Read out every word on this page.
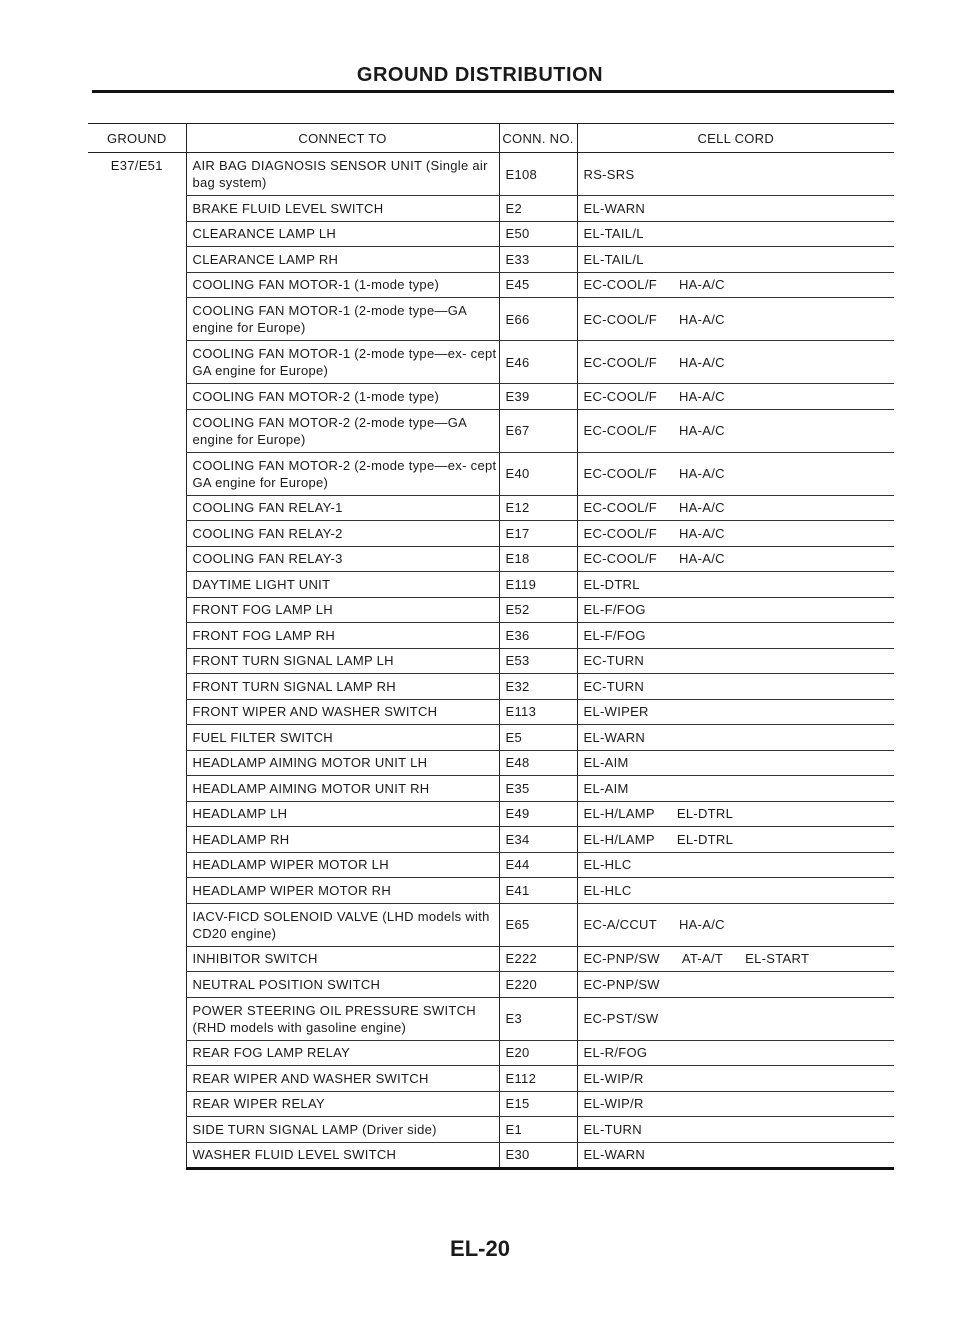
GROUND DISTRIBUTION
GROUND	CONNECT TO	CONN. NO.	CELL CORD
E37/E51	AIR BAG DIAGNOSIS SENSOR UNIT (Single air bag system)	E108	RS-SRS
	BRAKE FLUID LEVEL SWITCH	E2	EL-WARN
	CLEARANCE LAMP LH	E50	EL-TAIL/L
	CLEARANCE LAMP RH	E33	EL-TAIL/L
	COOLING FAN MOTOR-1 (1-mode type)	E45	EC-COOL/F HA-A/C
	COOLING FAN MOTOR-1 (2-mode type—GA engine for Europe)	E66	EC-COOL/F HA-A/C
	COOLING FAN MOTOR-1 (2-mode type—ex- cept GA engine for Europe)	E46	EC-COOL/F HA-A/C
	COOLING FAN MOTOR-2 (1-mode type)	E39	EC-COOL/F HA-A/C
	COOLING FAN MOTOR-2 (2-mode type—GA engine for Europe)	E67	EC-COOL/F HA-A/C
	COOLING FAN MOTOR-2 (2-mode type—ex- cept GA engine for Europe)	E40	EC-COOL/F HA-A/C
	COOLING FAN RELAY-1	E12	EC-COOL/F HA-A/C
	COOLING FAN RELAY-2	E17	EC-COOL/F HA-A/C
	COOLING FAN RELAY-3	E18	EC-COOL/F HA-A/C
	DAYTIME LIGHT UNIT	E119	EL-DTRL
	FRONT FOG LAMP LH	E52	EL-F/FOG
	FRONT FOG LAMP RH	E36	EL-F/FOG
	FRONT TURN SIGNAL LAMP LH	E53	EC-TURN
	FRONT TURN SIGNAL LAMP RH	E32	EC-TURN
	FRONT WIPER AND WASHER SWITCH	E113	EL-WIPER
	FUEL FILTER SWITCH	E5	EL-WARN
	HEADLAMP AIMING MOTOR UNIT LH	E48	EL-AIM
	HEADLAMP AIMING MOTOR UNIT RH	E35	EL-AIM
	HEADLAMP LH	E49	EL-H/LAMP EL-DTRL
	HEADLAMP RH	E34	EL-H/LAMP EL-DTRL
	HEADLAMP WIPER MOTOR LH	E44	EL-HLC
	HEADLAMP WIPER MOTOR RH	E41	EL-HLC
	IACV-FICD SOLENOID VALVE (LHD models with CD20 engine)	E65	EC-A/CCUT HA-A/C
	INHIBITOR SWITCH	E222	EC-PNP/SW AT-A/T EL-START
	NEUTRAL POSITION SWITCH	E220	EC-PNP/SW
	POWER STEERING OIL PRESSURE SWITCH (RHD models with gasoline engine)	E3	EC-PST/SW
	REAR FOG LAMP RELAY	E20	EL-R/FOG
	REAR WIPER AND WASHER SWITCH	E112	EL-WIP/R
	REAR WIPER RELAY	E15	EL-WIP/R
	SIDE TURN SIGNAL LAMP (Driver side)	E1	EL-TURN
	WASHER FLUID LEVEL SWITCH	E30	EL-WARN
EL-20
